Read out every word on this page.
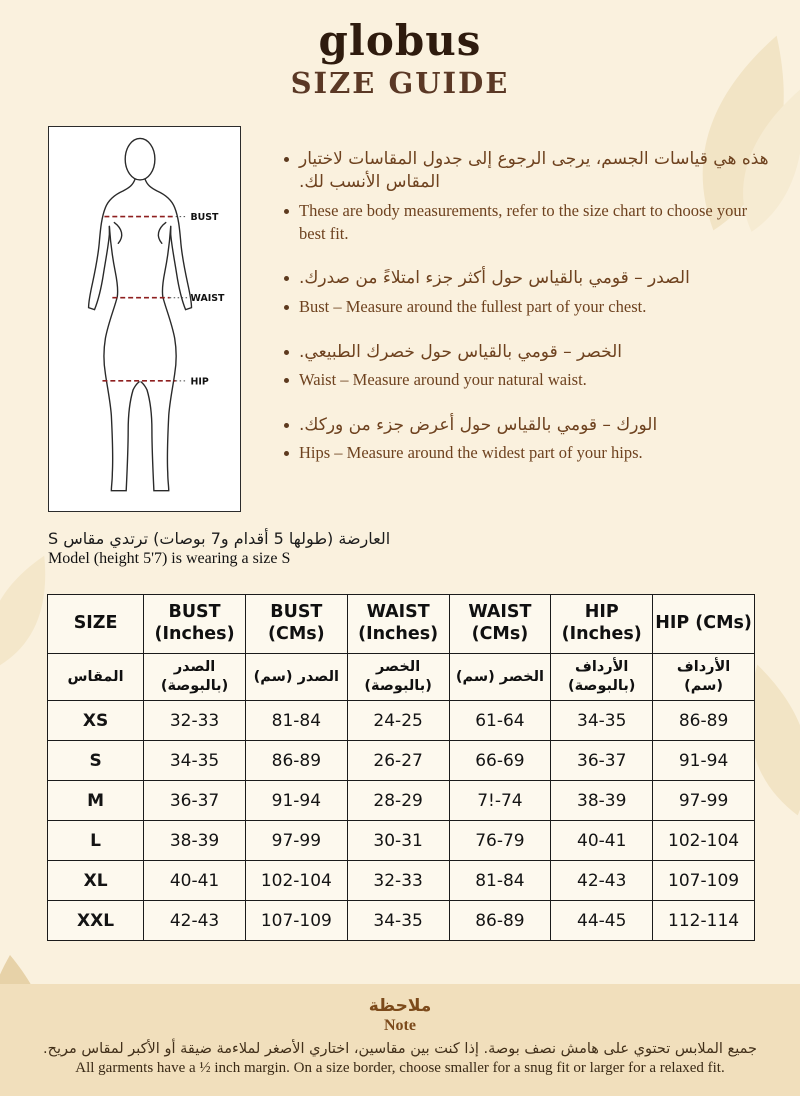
globus
SIZE GUIDE
BUST
WAIST
HIP
هذه هي قياسات الجسم، يرجى الرجوع إلى جدول المقاسات لاختيار المقاس الأنسب لك.
These are body measurements, refer to the size chart to choose your best fit.
الصدر – قومي بالقياس حول أكثر جزء امتلاءً من صدرك.
Bust – Measure around the fullest part of your chest.
الخصر – قومي بالقياس حول خصرك الطبيعي.
Waist – Measure around your natural waist.
الورك – قومي بالقياس حول أعرض جزء من وركك.
Hips – Measure around the widest part of your hips.
العارضة (طولها 5 أقدام و7 بوصات) ترتدي مقاس S
Model (height 5'7) is wearing a size S
SIZE	BUST (Inches)	BUST (CMs)	WAIST (Inches)	WAIST (CMs)	HIP (Inches)	HIP (CMs)
المقاس	الصدر (بالبوصة)	الصدر (سم)	الخصر (بالبوصة)	الخصر (سم)	الأرداف (بالبوصة)	الأرداف (سم)
XS	32-33	81-84	24-25	61-64	34-35	86-89
S	34-35	86-89	26-27	66-69	36-37	91-94
M	36-37	91-94	28-29	7!-74	38-39	97-99
L	38-39	97-99	30-31	76-79	40-41	102-104
XL	40-41	102-104	32-33	81-84	42-43	107-109
XXL	42-43	107-109	34-35	86-89	44-45	112-114
ملاحظة
Note
جميع الملابس تحتوي على هامش نصف بوصة. إذا كنت بين مقاسين، اختاري الأصغر لملاءمة ضيقة أو الأكبر لمقاس مريح.
All garments have a ½ inch margin. On a size border, choose smaller for a snug fit or larger for a relaxed fit.
